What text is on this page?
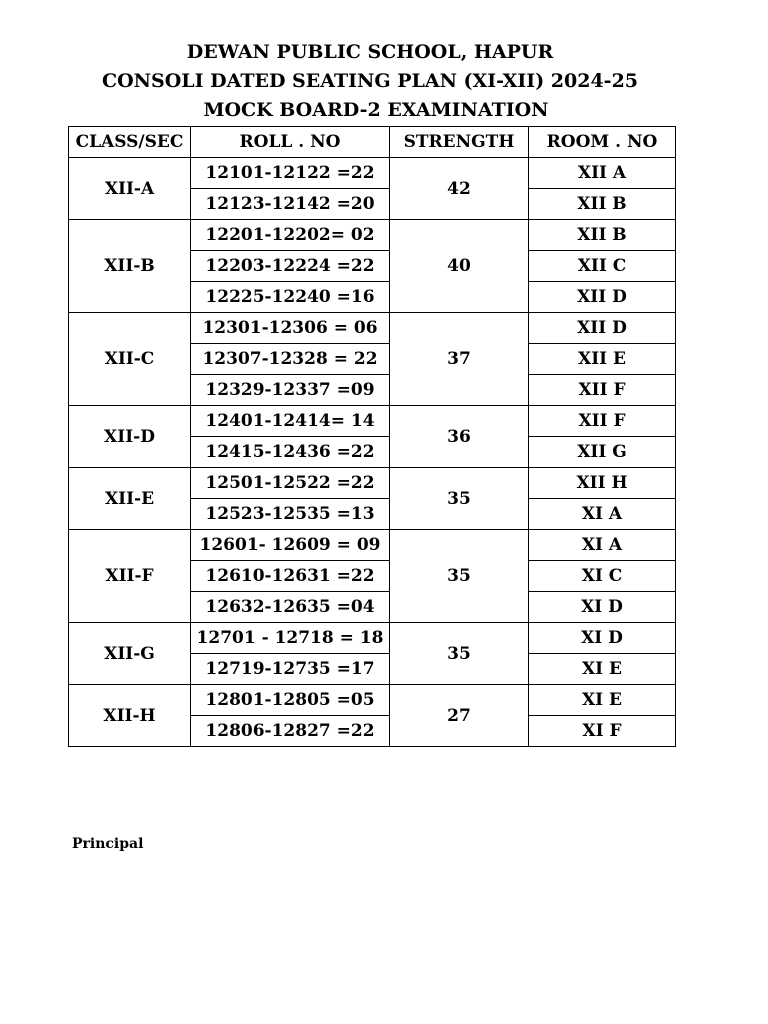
DEWAN PUBLIC SCHOOL, HAPUR
CONSOLI DATED SEATING PLAN (XI-XII) 2024-25
MOCK BOARD-2 EXAMINATION
CLASS/SEC	ROLL . NO	STRENGTH	ROOM . NO
XII-A	12101-12122 =22	42	XII A
	12123-12142 =20		XII B
XII-B	12201-12202= 02	40	XII B
	12203-12224 =22		XII C
	12225-12240 =16		XII D
XII-C	12301-12306 = 06	37	XII D
	12307-12328 = 22		XII E
	12329-12337 =09		XII F
XII-D	12401-12414= 14	36	XII F
	12415-12436 =22		XII G
XII-E	12501-12522 =22	35	XII H
	12523-12535 =13		XI A
XII-F	12601- 12609 = 09	35	XI A
	12610-12631 =22		XI C
	12632-12635 =04		XI D
XII-G	12701 - 12718 = 18	35	XI D
	12719-12735 =17		XI E
XII-H	12801-12805 =05	27	XI E
	12806-12827 =22		XI F
Principal
